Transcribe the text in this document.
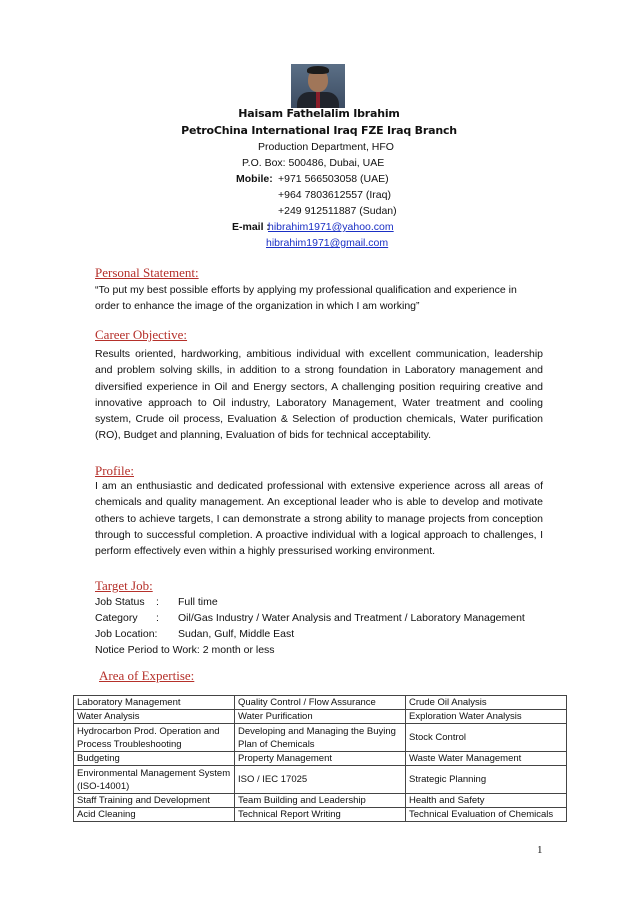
Haisam Fathelalim Ibrahim
PetroChina International Iraq FZE Iraq Branch
Production Department, HFO
P.O. Box: 500486, Dubai, UAE
Mobile: +971 566503058 (UAE)
+964 7803612557 (Iraq)
+249 912511887 (Sudan)
E-mail :
hibrahim1971@yahoo.com
hibrahim1971@gmail.com
Personal Statement:
“To put my best possible efforts by applying my professional qualification and experience in
order to enhance the image of the organization in which I am working”
Career Objective:
Results oriented, hardworking, ambitious individual with excellent communication, leadership and problem solving skills, in addition to a strong foundation in Laboratory management and diversified experience in Oil and Energy sectors, A challenging position requiring creative and innovative approach to Oil industry, Laboratory Management, Water treatment and cooling system, Crude oil process, Evaluation & Selection of production chemicals, Water purification (RO), Budget and planning, Evaluation of bids for technical acceptability.
Profile:
I am an enthusiastic and dedicated professional with extensive experience across all areas of chemicals and quality management. An exceptional leader who is able to develop and motivate others to achieve targets, I can demonstrate a strong ability to manage projects from conception through to successful completion. A proactive individual with a logical approach to challenges, I perform effectively even within a highly pressurised working environment.
Target Job:
Job Status : Full time
Category : Oil/Gas Industry / Water Analysis and Treatment / Laboratory Management
Job Location: Sudan, Gulf, Middle East
Notice Period to Work: 2 month or less
Area of Expertise:
Laboratory Management	Quality Control / Flow Assurance	Crude Oil Analysis
Water Analysis	Water Purification	Exploration Water Analysis
Hydrocarbon Prod. Operation and Process Troubleshooting	Developing and Managing the Buying Plan of Chemicals	Stock Control
Budgeting	Property Management	Waste Water Management
Environmental Management System (ISO-14001)	ISO / IEC 17025	Strategic Planning
Staff Training and Development	Team Building and Leadership	Health and Safety
Acid Cleaning	Technical Report Writing	Technical Evaluation of Chemicals
1
